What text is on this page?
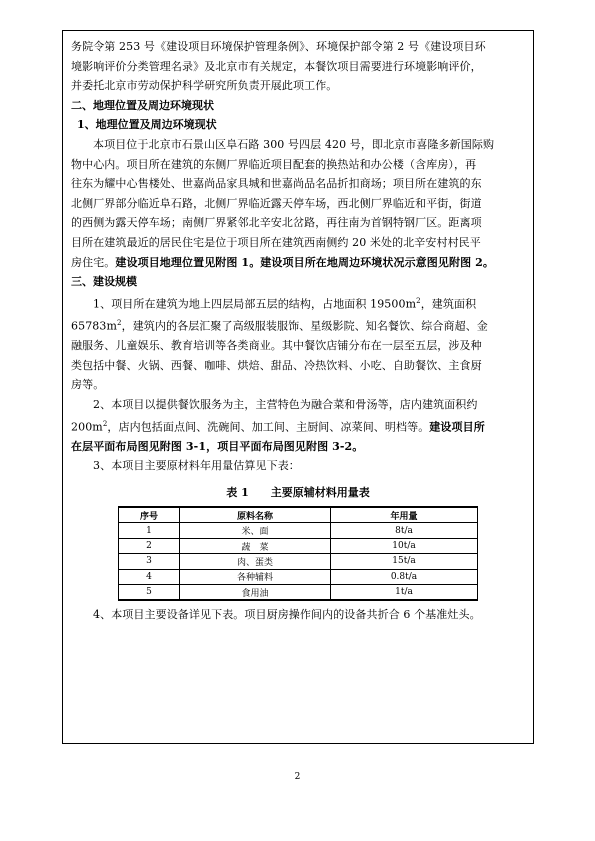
务院令第 253 号《建设项目环境保护管理条例》、环境保护部令第 2 号《建设项目环
境影响评价分类管理名录》及北京市有关规定，本餐饮项目需要进行环境影响评价，
并委托北京市劳动保护科学研究所负责开展此项工作。
二、地理位置及周边环境现状
1、地理位置及周边环境现状
本项目位于北京市石景山区阜石路 300 号四层 420 号，即北京市喜隆多新国际购
物中心内。项目所在建筑的东侧厂界临近项目配套的换热站和办公楼（含库房），再
往东为耀中心售楼处、世嘉尚品家具城和世嘉尚品名品折扣商场；项目所在建筑的东
北侧厂界部分临近阜石路，北侧厂界临近露天停车场，西北侧厂界临近和平街，街道
的西侧为露天停车场；南侧厂界紧邻北辛安北岔路，再往南为首钢特钢厂区。距离项
目所在建筑最近的居民住宅是位于项目所在建筑西南侧约 20 米处的北辛安村村民平
房住宅。建设项目地理位置见附图 1。建设项目所在地周边环境状况示意图见附图 2。
三、建设规模
1、项目所在建筑为地上四层局部五层的结构，占地面积 $19500m^2$，建筑面积
$65783m^2$，建筑内的各层汇聚了高级服装服饰、星级影院、知名餐饮、综合商超、金
融服务、儿童娱乐、教育培训等各类商业。其中餐饮店铺分布在一层至五层，涉及种
类包括中餐、火锅、西餐、咖啡、烘焙、甜品、冷热饮料、小吃、自助餐饮、主食厨
房等。
2、本项目以提供餐饮服务为主，主营特色为融合菜和骨汤等，店内建筑面积约
$200m^2$，店内包括面点间、洗碗间、加工间、主厨间、凉菜间、明档等。建设项目所
在层平面布局图见附图 3-1，项目平面布局图见附图 3-2。
3、本项目主要原材料年用量估算见下表：
表 1 主要原辅材料用量表
序号	原料名称	年用量
1	米、面	8t/a
2	蔬　菜	10t/a
3	肉、蛋类	15t/a
4	各种辅料	0.8t/a
5	食用油	1t/a
4、本项目主要设备详见下表。项目厨房操作间内的设备共折合 6 个基准灶头。
2
